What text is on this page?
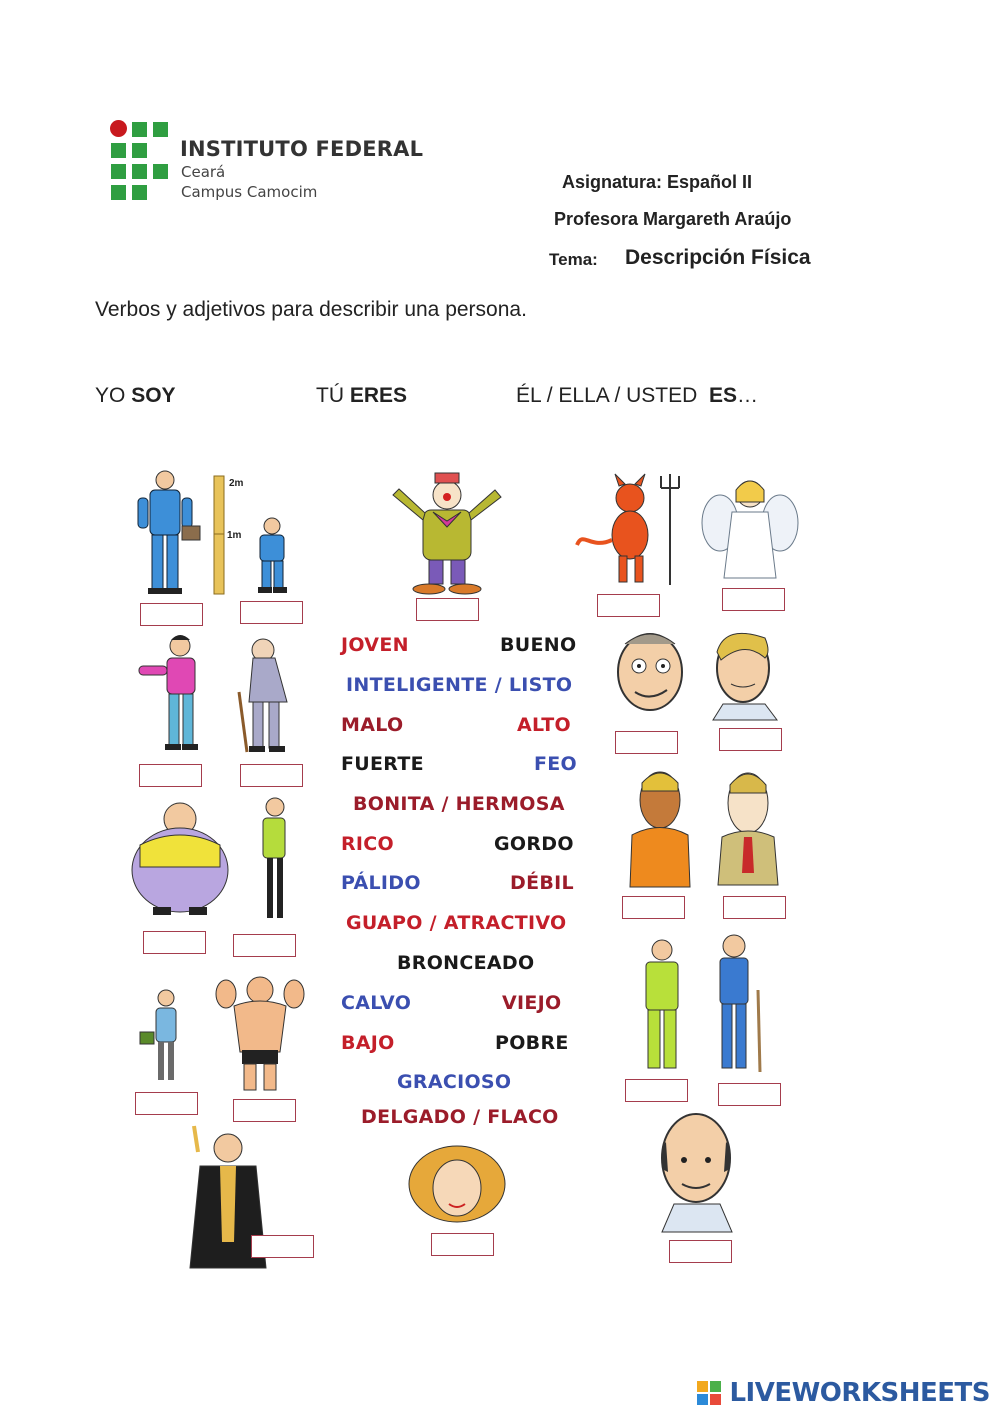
INSTITUTO FEDERAL
Ceará
Campus Camocim	Asignatura: Español II
Profesora Margareth Araújo
Tema: Descripción Física
Verbos y adjetivos para describir una persona.
YO SOY	TÚ ERES	ÉL / ELLA / USTED  ES…
2m
1m
JOVEN	BUENO
INTELIGENTE / LISTO
MALO	ALTO
FUERTE	FEO
BONITA / HERMOSA
RICO	GORDO
PÁLIDO	DÉBIL
GUAPO / ATRACTIVO
BRONCEADO
CALVO	VIEJO
BAJO	POBRE
GRACIOSO
DELGADO / FLACO
LIVEWORKSHEETS
